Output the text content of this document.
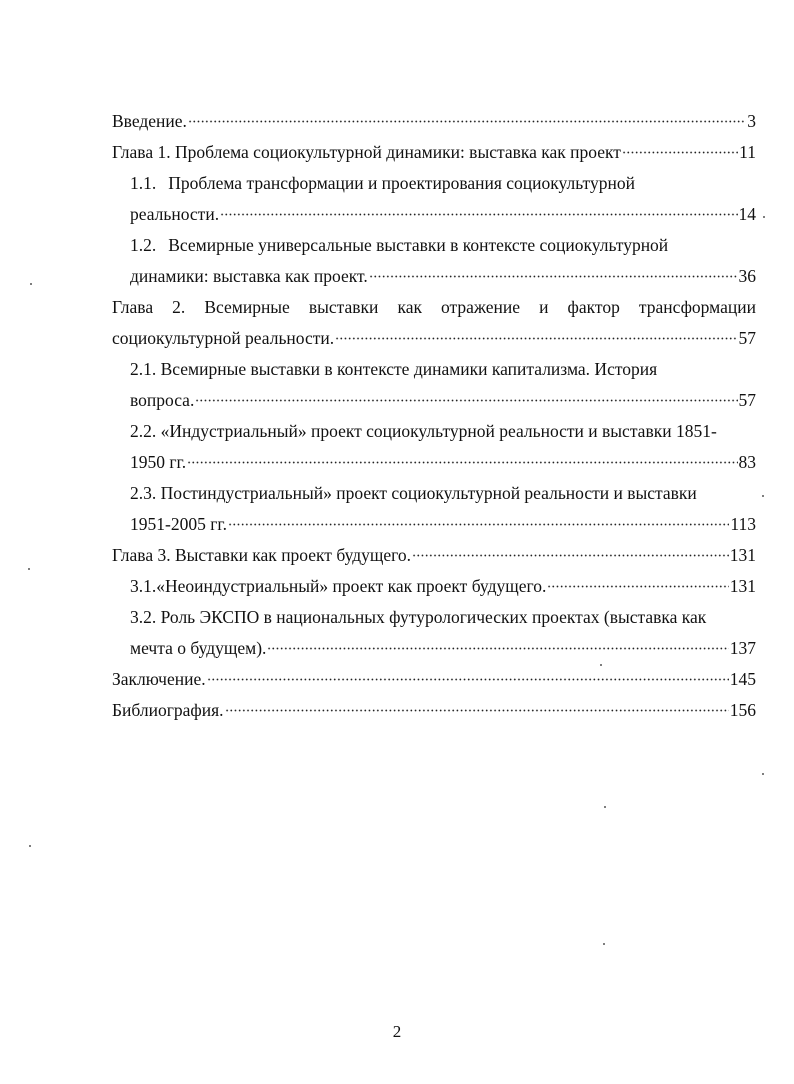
Введение.	3
Глава 1. Проблема социокультурной динамики: выставка как проект	11
1.1. Проблема трансформации и проектирования социокультурной
реальности.	14
1.2. Всемирные универсальные выставки в контексте социокультурной
динамики: выставка как проект.	36
Глава 2. Всемирные выставки как отражение и фактор трансформации
социокультурной реальности.	57
2.1. Всемирные выставки в контексте динамики капитализма. История
вопроса.	57
2.2. «Индустриальный» проект социокультурной реальности и выставки 1851-
1950 гг.	83
2.3. Постиндустриальный» проект социокультурной реальности и выставки
1951-2005 гг.	113
Глава 3. Выставки как проект будущего.	131
3.1.«Неоиндустриальный» проект как проект будущего.	131
3.2. Роль ЭКСПО в национальных футурологических проектах (выставка как
мечта о будущем).	137
Заключение.	145
Библиография.	156
2
